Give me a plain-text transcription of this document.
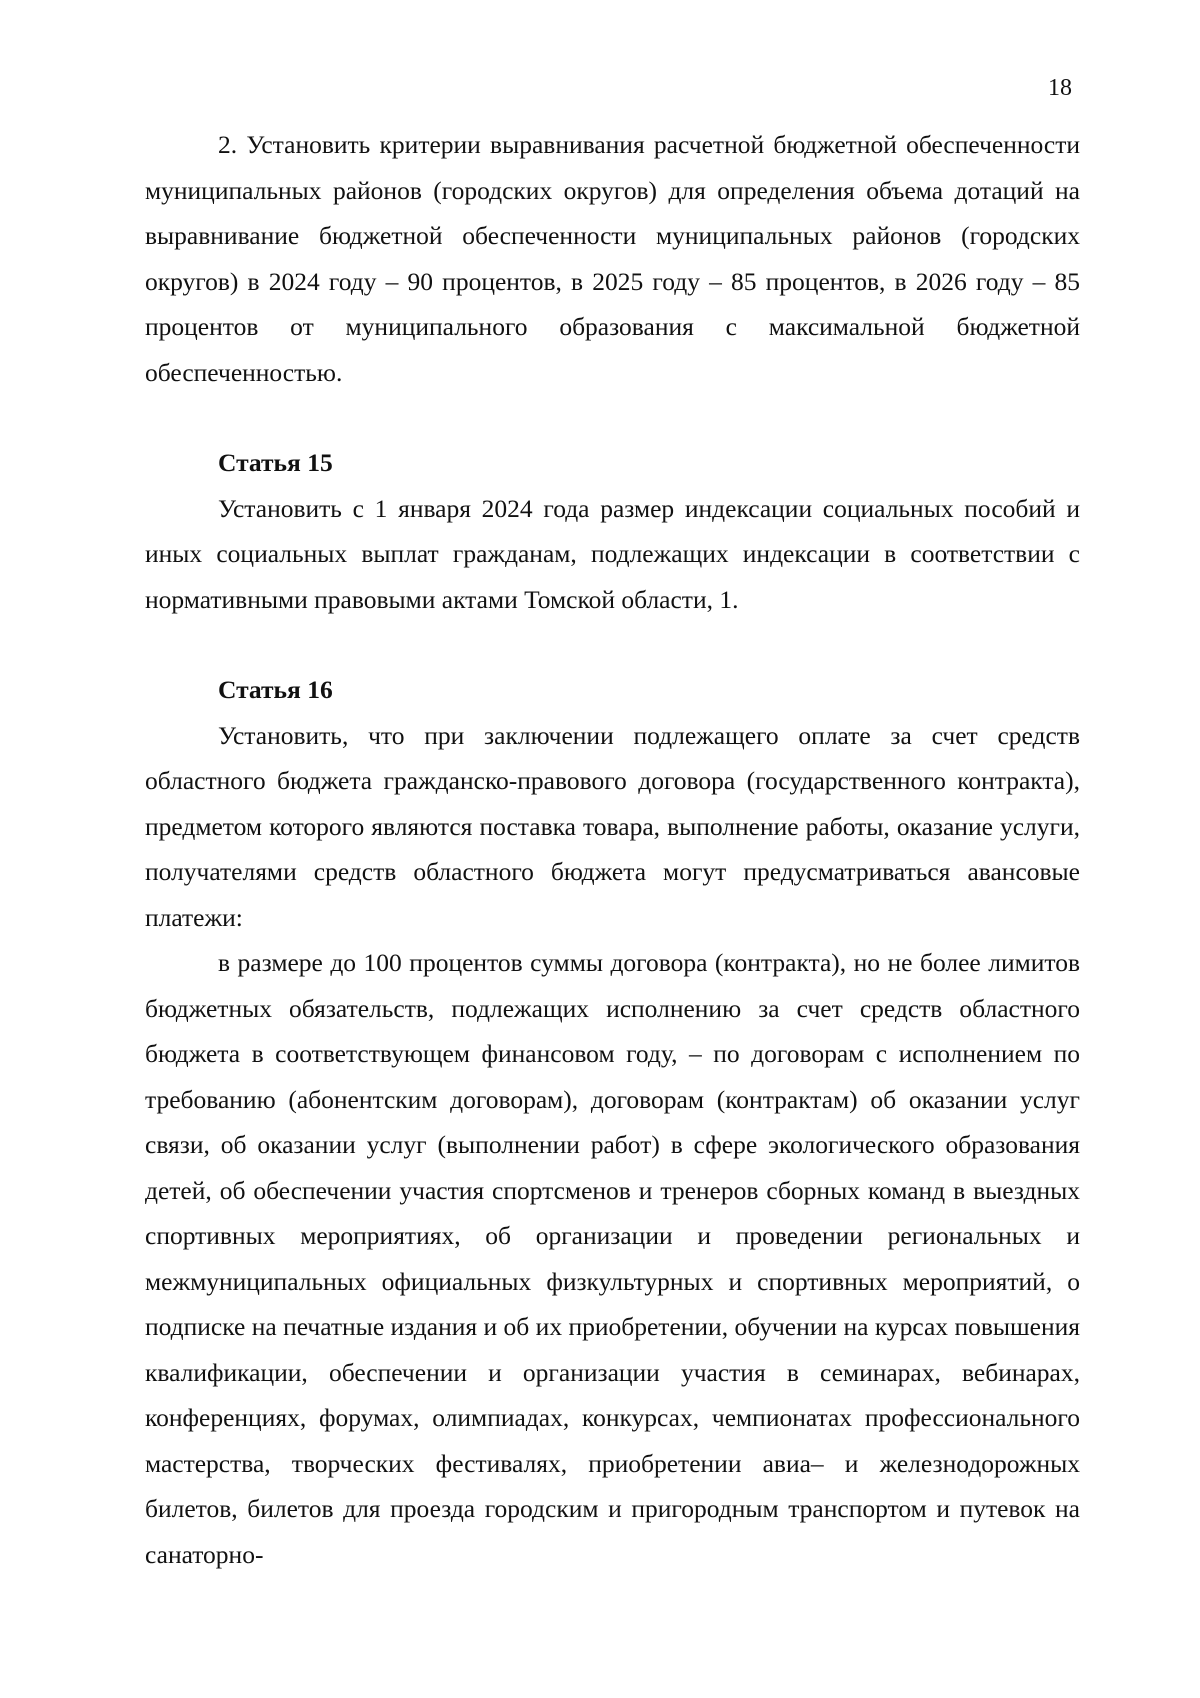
18

2. Установить критерии выравнивания расчетной бюджетной обеспеченности муниципальных районов (городских округов) для определения объема дотаций на выравнивание бюджетной обеспеченности муниципальных районов (городских округов) в 2024 году – 90 процентов, в 2025 году – 85 процентов, в 2026 году – 85 процентов от муниципального образования с максимальной бюджетной обеспеченностью.

Статья 15

Установить с 1 января 2024 года размер индексации социальных пособий и иных социальных выплат гражданам, подлежащих индексации в соответствии с нормативными правовыми актами Томской области, 1.

Статья 16

Установить, что при заключении подлежащего оплате за счет средств областного бюджета гражданско-правового договора (государственного контракта), предметом которого являются поставка товара, выполнение работы, оказание услуги, получателями средств областного бюджета могут предусматриваться авансовые платежи:

в размере до 100 процентов суммы договора (контракта), но не более лимитов бюджетных обязательств, подлежащих исполнению за счет средств областного бюджета в соответствующем финансовом году, – по договорам с исполнением по требованию (абонентским договорам), договорам (контрактам) об оказании услуг связи, об оказании услуг (выполнении работ) в сфере экологического образования детей, об обеспечении участия спортсменов и тренеров сборных команд в выездных спортивных мероприятиях, об организации и проведении региональных и межмуниципальных официальных физкультурных и спортивных мероприятий, о подписке на печатные издания и об их приобретении, обучении на курсах повышения квалификации, обеспечении и организации участия в семинарах, вебинарах, конференциях, форумах, олимпиадах, конкурсах, чемпионатах профессионального мастерства, творческих фестивалях, приобретении авиа– и железнодорожных билетов, билетов для проезда городским и пригородным транспортом и путевок на санаторно-
